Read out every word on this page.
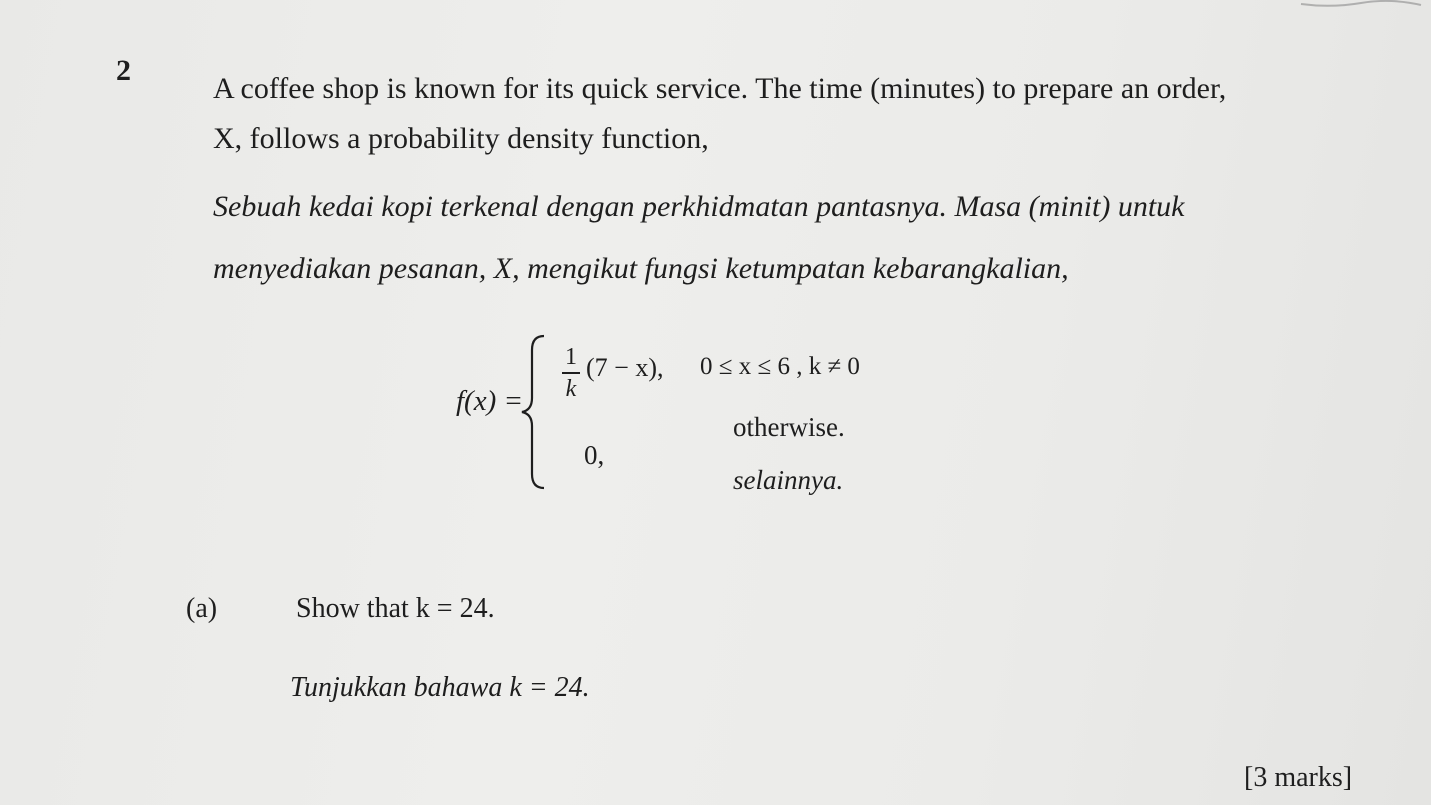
2
A coffee shop is known for its quick service. The time (minutes) to prepare an order,
X, follows a probability density function,
Sebuah kedai kopi terkenal dengan perkhidmatan pantasnya. Masa (minit) untuk
menyediakan pesanan, X, mengikut fungsi ketumpatan kebarangkalian,
f(x) =
1
k
(7 − x), 0 ≤ x ≤ 6 , k ≠ 0
0,
otherwise.
selainnya.
(a)	Show that k = 24.
Tunjukkan bahawa k = 24.
[3 marks]
